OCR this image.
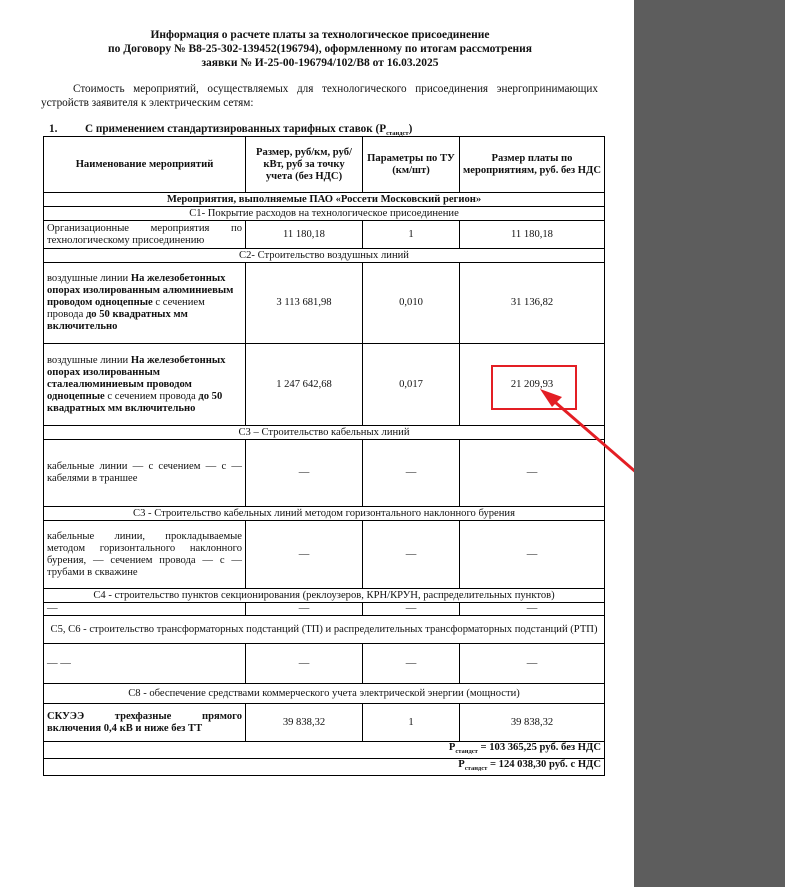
Информация о расчете платы за технологическое присоединение
по Договору № В8-25-302-139452(196794), оформленному по итогам рассмотрения
заявки № И-25-00-196794/102/В8 от 16.03.2025
Стоимость мероприятий, осуществляемых для технологического присоединения энергопринимающих устройств заявителя к электрическим сетям:
1. С применением стандартизированных тарифных ставок $(Р_{стандст})$
Наименование мероприятий	Размер, руб/км, руб/кВт, руб за точку учета (без НДС)	Параметры по ТУ (км/шт)	Размер платы по мероприятиям, руб. без НДС
Мероприятия, выполняемые ПАО «Россети Московский регион»			
С1- Покрытие расходов на технологическое присоединение			
Организационные мероприятия по технологическому присоединению	11 180,18	1	11 180,18
С2- Строительство воздушных линий			
воздушные линии На железобетонных опорах изолированным алюминиевым проводом одноцепные с сечением провода до 50 квадратных мм включительно	3 113 681,98	0,010	31 136,82
воздушные линии На железобетонных опорах изолированным сталеалюминиевым проводом одноцепные с сечением провода до 50 квадратных мм включительно	1 247 642,68	0,017	21 209,93
С3 – Строительство кабельных линий			
кабельные линии — с сечением — с — кабелями в траншее	—	—	—
С3 - Строительство кабельных линий методом горизонтального наклонного бурения			
кабельные линии, прокладываемые методом горизонтального наклонного бурения, — сечением провода — с — трубами в скважине	—	—	—
С4 - строительство пунктов секционирования (реклоузеров, КРН/КРУН, распределительных пунктов)			
—	—	—	—
С5, С6 - строительство трансформаторных подстанций (ТП) и распределительных трансформаторных подстанций (РТП)			
— —	—	—	—
С8 - обеспечение средствами коммерческого учета электрической энергии (мощности)			
СКУЭЭ трехфазные прямого включения 0,4 кВ и ниже без ТТ	39 838,32	1	39 838,32
$Р_{стандст} = 103$ 365,25 руб. без НДС			
$Р_{стандст} = 124$ 038,30 руб. с НДС			
